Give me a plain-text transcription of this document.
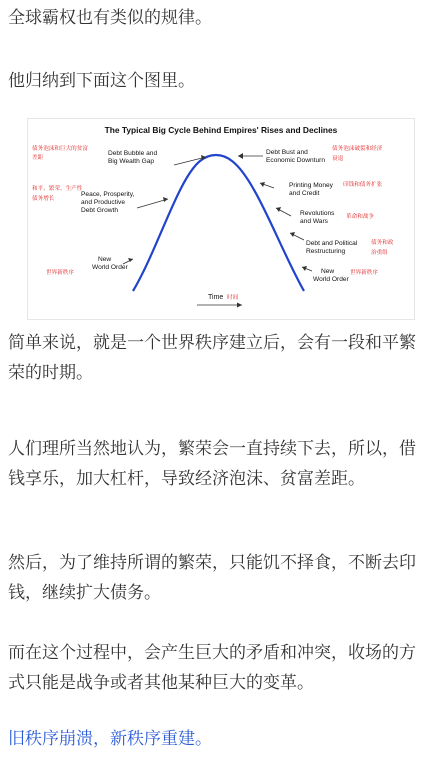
全球霸权也有类似的规律。

他归纳到下面这个图里。

The Typical Big Cycle Behind Empires' Rises and Declines
Debt Bubble and
Big Wealth Gap
Peace, Prosperity,
and Productive
Debt Growth
New
World Order
Debt Bust and
Economic Downturn
Printing Money
and Credit
Revolutions
and Wars
Debt and Political
Restructuring
New
World Order
债务泡沫和巨大的贫富
差距
和平、繁荣、生产性
债务增长
世界新秩序
债务泡沫破裂和经济
衰退
印钱和债务扩张
革命和战争
债务和政
治重组
世界新秩序
Time 时间

简单来说，就是一个世界秩序建立后，会有一段和平繁荣的时期。

人们理所当然地认为，繁荣会一直持续下去，所以，借钱享乐，加大杠杆，导致经济泡沫、贫富差距。

然后，为了维持所谓的繁荣，只能饥不择食，不断去印钱，继续扩大债务。

而在这个过程中，会产生巨大的矛盾和冲突，收场的方式只能是战争或者其他某种巨大的变革。

旧秩序崩溃，新秩序重建。
